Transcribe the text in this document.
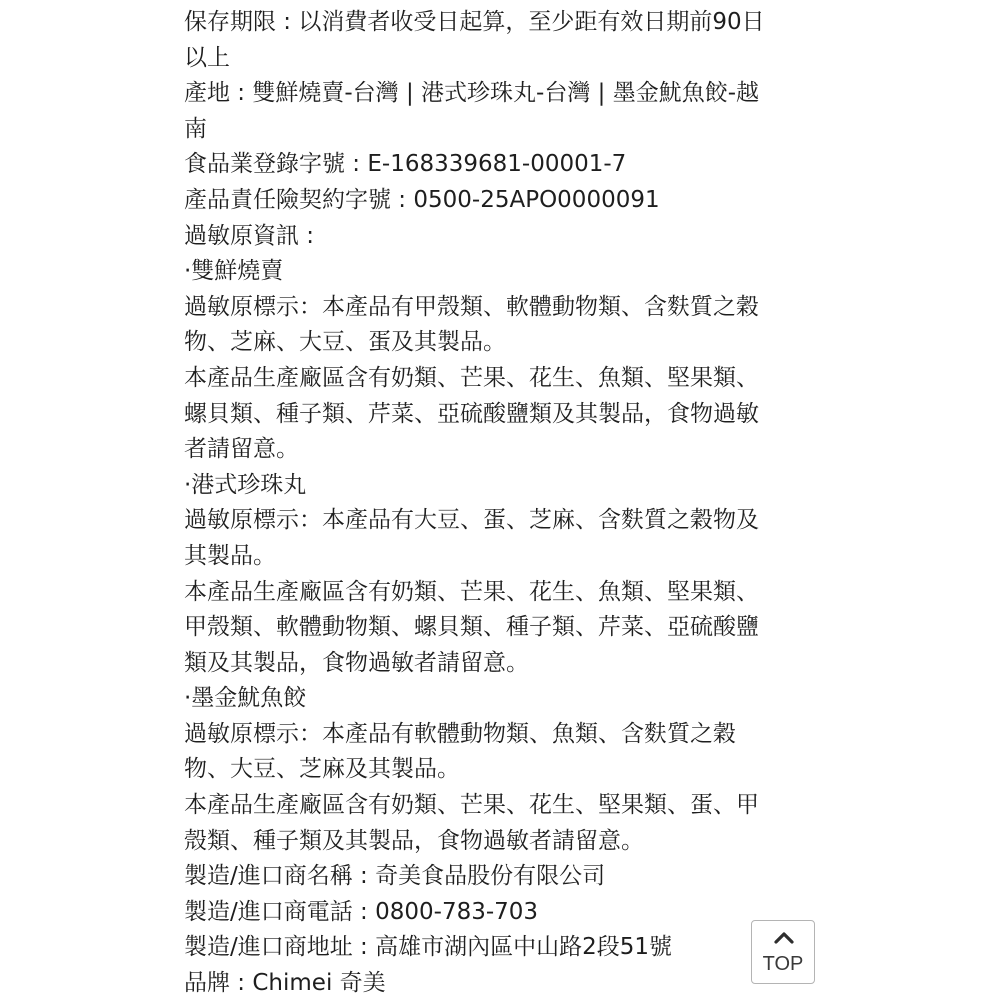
保存期限 : 以消費者收受日起算，至少距有效日期前90日
以上
產地 : 雙鮮燒賣-台灣 | 港式珍珠丸-台灣 | 墨金魷魚餃-越
南
食品業登錄字號 : E-168339681-00001-7
產品責任險契約字號 : 0500-25APO0000091
過敏原資訊 :
·雙鮮燒賣
過敏原標示：本產品有甲殼類、軟體動物類、含麩質之穀
物、芝麻、大豆、蛋及其製品。
本產品生產廠區含有奶類、芒果、花生、魚類、堅果類、
螺貝類、種子類、芹菜、亞硫酸鹽類及其製品，食物過敏
者請留意。
·港式珍珠丸
過敏原標示：本產品有大豆、蛋、芝麻、含麩質之穀物及
其製品。
本產品生產廠區含有奶類、芒果、花生、魚類、堅果類、
甲殼類、軟體動物類、螺貝類、種子類、芹菜、亞硫酸鹽
類及其製品，食物過敏者請留意。
·墨金魷魚餃
過敏原標示：本產品有軟體動物類、魚類、含麩質之穀
物、大豆、芝麻及其製品。
本產品生產廠區含有奶類、芒果、花生、堅果類、蛋、甲
殼類、種子類及其製品，食物過敏者請留意。
製造/進口商名稱 : 奇美食品股份有限公司
製造/進口商電話 : 0800-783-703
製造/進口商地址 : 高雄市湖內區中山路2段51號
品牌 : Chimei 奇美
TOP
